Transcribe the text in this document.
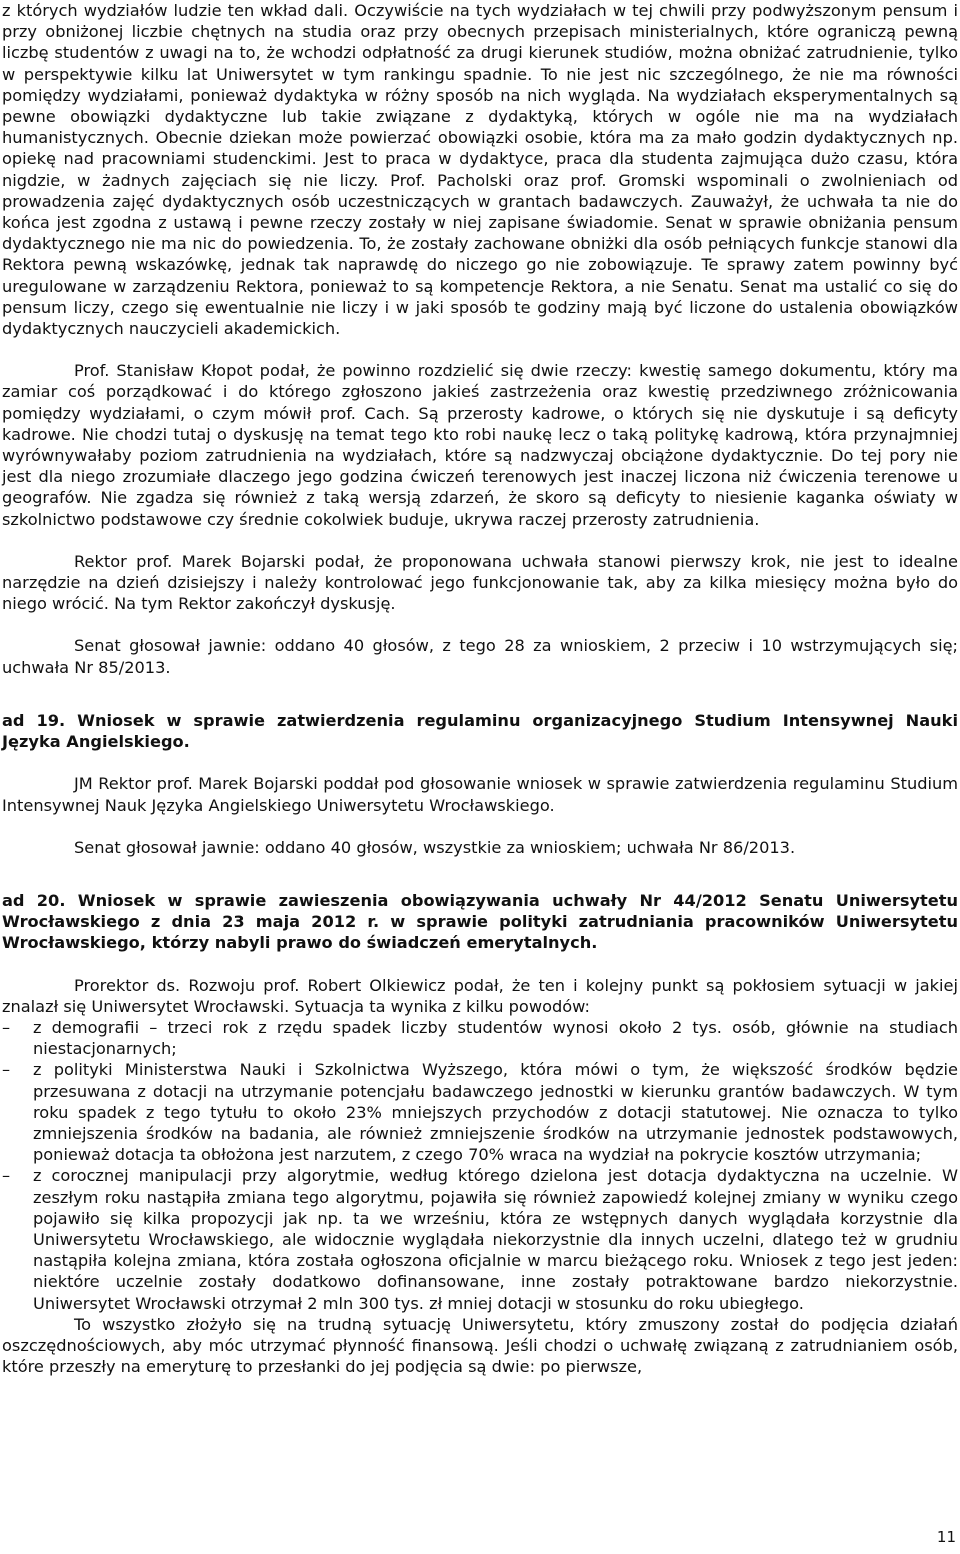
z których wydziałów ludzie ten wkład dali. Oczywiście na tych wydziałach w tej chwili przy podwyższonym pensum i przy obniżonej liczbie chętnych na studia oraz przy obecnych przepisach ministerialnych, które ograniczą pewną liczbę studentów z uwagi na to, że wchodzi odpłatność za drugi kierunek studiów, można obniżać zatrudnienie, tylko w perspektywie kilku lat Uniwersytet w tym rankingu spadnie. To nie jest nic szczególnego, że nie ma równości pomiędzy wydziałami, ponieważ dydaktyka w różny sposób na nich wygląda. Na wydziałach eksperymentalnych są pewne obowiązki dydaktyczne lub takie związane z dydaktyką, których w ogóle nie ma na wydziałach humanistycznych. Obecnie dziekan może powierzać obowiązki osobie, która ma za mało godzin dydaktycznych np. opiekę nad pracowniami studenckimi. Jest to praca w dydaktyce, praca dla studenta zajmująca dużo czasu, która nigdzie, w żadnych zajęciach się nie liczy. Prof. Pacholski oraz prof. Gromski wspominali o zwolnieniach od prowadzenia zajęć dydaktycznych osób uczestniczących w grantach badawczych. Zauważył, że uchwała ta nie do końca jest zgodna z ustawą i pewne rzeczy zostały w niej zapisane świadomie. Senat w sprawie obniżania pensum dydaktycznego nie ma nic do powiedzenia. To, że zostały zachowane obniżki dla osób pełniących funkcje stanowi dla Rektora pewną wskazówkę, jednak tak naprawdę do niczego go nie zobowiązuje. Te sprawy zatem powinny być uregulowane w zarządzeniu Rektora, ponieważ to są kompetencje Rektora, a nie Senatu. Senat ma ustalić co się do pensum liczy, czego się ewentualnie nie liczy i w jaki sposób te godziny mają być liczone do ustalenia obowiązków dydaktycznych nauczycieli akademickich.

Prof. Stanisław Kłopot podał, że powinno rozdzielić się dwie rzeczy: kwestię samego dokumentu, który ma zamiar coś porządkować i do którego zgłoszono jakieś zastrzeżenia oraz kwestię przedziwnego zróżnicowania pomiędzy wydziałami, o czym mówił prof. Cach. Są przerosty kadrowe, o których się nie dyskutuje i są deficyty kadrowe. Nie chodzi tutaj o dyskusję na temat tego kto robi naukę lecz o taką politykę kadrową, która przynajmniej wyrównywałaby poziom zatrudnienia na wydziałach, które są nadzwyczaj obciążone dydaktycznie. Do tej pory nie jest dla niego zrozumiałe dlaczego jego godzina ćwiczeń terenowych jest inaczej liczona niż ćwiczenia terenowe u geografów. Nie zgadza się również z taką wersją zdarzeń, że skoro są deficyty to niesienie kaganka oświaty w szkolnictwo podstawowe czy średnie cokolwiek buduje, ukrywa raczej przerosty zatrudnienia.

Rektor prof. Marek Bojarski podał, że proponowana uchwała stanowi pierwszy krok, nie jest to idealne narzędzie na dzień dzisiejszy i należy kontrolować jego funkcjonowanie tak, aby za kilka miesięcy można było do niego wrócić. Na tym Rektor zakończył dyskusję.

Senat głosował jawnie: oddano 40 głosów, z tego 28 za wnioskiem, 2 przeciw i 10 wstrzymujących się; uchwała Nr 85/2013.

ad 19. Wniosek w sprawie zatwierdzenia regulaminu organizacyjnego Studium Intensywnej Nauki Języka Angielskiego.

JM Rektor prof. Marek Bojarski poddał pod głosowanie wniosek w sprawie zatwierdzenia regulaminu Studium Intensywnej Nauk Języka Angielskiego Uniwersytetu Wrocławskiego.

Senat głosował jawnie: oddano 40 głosów, wszystkie za wnioskiem; uchwała Nr 86/2013.

ad 20. Wniosek w sprawie zawieszenia obowiązywania uchwały Nr 44/2012 Senatu Uniwersytetu Wrocławskiego z dnia 23 maja 2012 r. w sprawie polityki zatrudniania pracowników Uniwersytetu Wrocławskiego, którzy nabyli prawo do świadczeń emerytalnych.

Prorektor ds. Rozwoju prof. Robert Olkiewicz podał, że ten i kolejny punkt są pokłosiem sytuacji w jakiej znalazł się Uniwersytet Wrocławski. Sytuacja ta wynika z kilku powodów:

– z demografii – trzeci rok z rzędu spadek liczby studentów wynosi około 2 tys. osób, głównie na studiach niestacjonarnych;
– z polityki Ministerstwa Nauki i Szkolnictwa Wyższego, która mówi o tym, że większość środków będzie przesuwana z dotacji na utrzymanie potencjału badawczego jednostki w kierunku grantów badawczych. W tym roku spadek z tego tytułu to około 23% mniejszych przychodów z dotacji statutowej. Nie oznacza to tylko zmniejszenia środków na badania, ale również zmniejszenie środków na utrzymanie jednostek podstawowych, ponieważ dotacja ta obłożona jest narzutem, z czego 70% wraca na wydział na pokrycie kosztów utrzymania;
– z corocznej manipulacji przy algorytmie, według którego dzielona jest dotacja dydaktyczna na uczelnie. W zeszłym roku nastąpiła zmiana tego algorytmu, pojawiła się również zapowiedź kolejnej zmiany w wyniku czego pojawiło się kilka propozycji jak np. ta we wrześniu, która ze wstępnych danych wyglądała korzystnie dla Uniwersytetu Wrocławskiego, ale widocznie wyglądała niekorzystnie dla innych uczelni, dlatego też w grudniu nastąpiła kolejna zmiana, która została ogłoszona oficjalnie w marcu bieżącego roku. Wniosek z tego jest jeden: niektóre uczelnie zostały dodatkowo dofinansowane, inne zostały potraktowane bardzo niekorzystnie. Uniwersytet Wrocławski otrzymał 2 mln 300 tys. zł mniej dotacji w stosunku do roku ubiegłego.

To wszystko złożyło się na trudną sytuację Uniwersytetu, który zmuszony został do podjęcia działań oszczędnościowych, aby móc utrzymać płynność finansową. Jeśli chodzi o uchwałę związaną z zatrudnianiem osób, które przeszły na emeryturę to przesłanki do jej podjęcia są dwie: po pierwsze,

11
